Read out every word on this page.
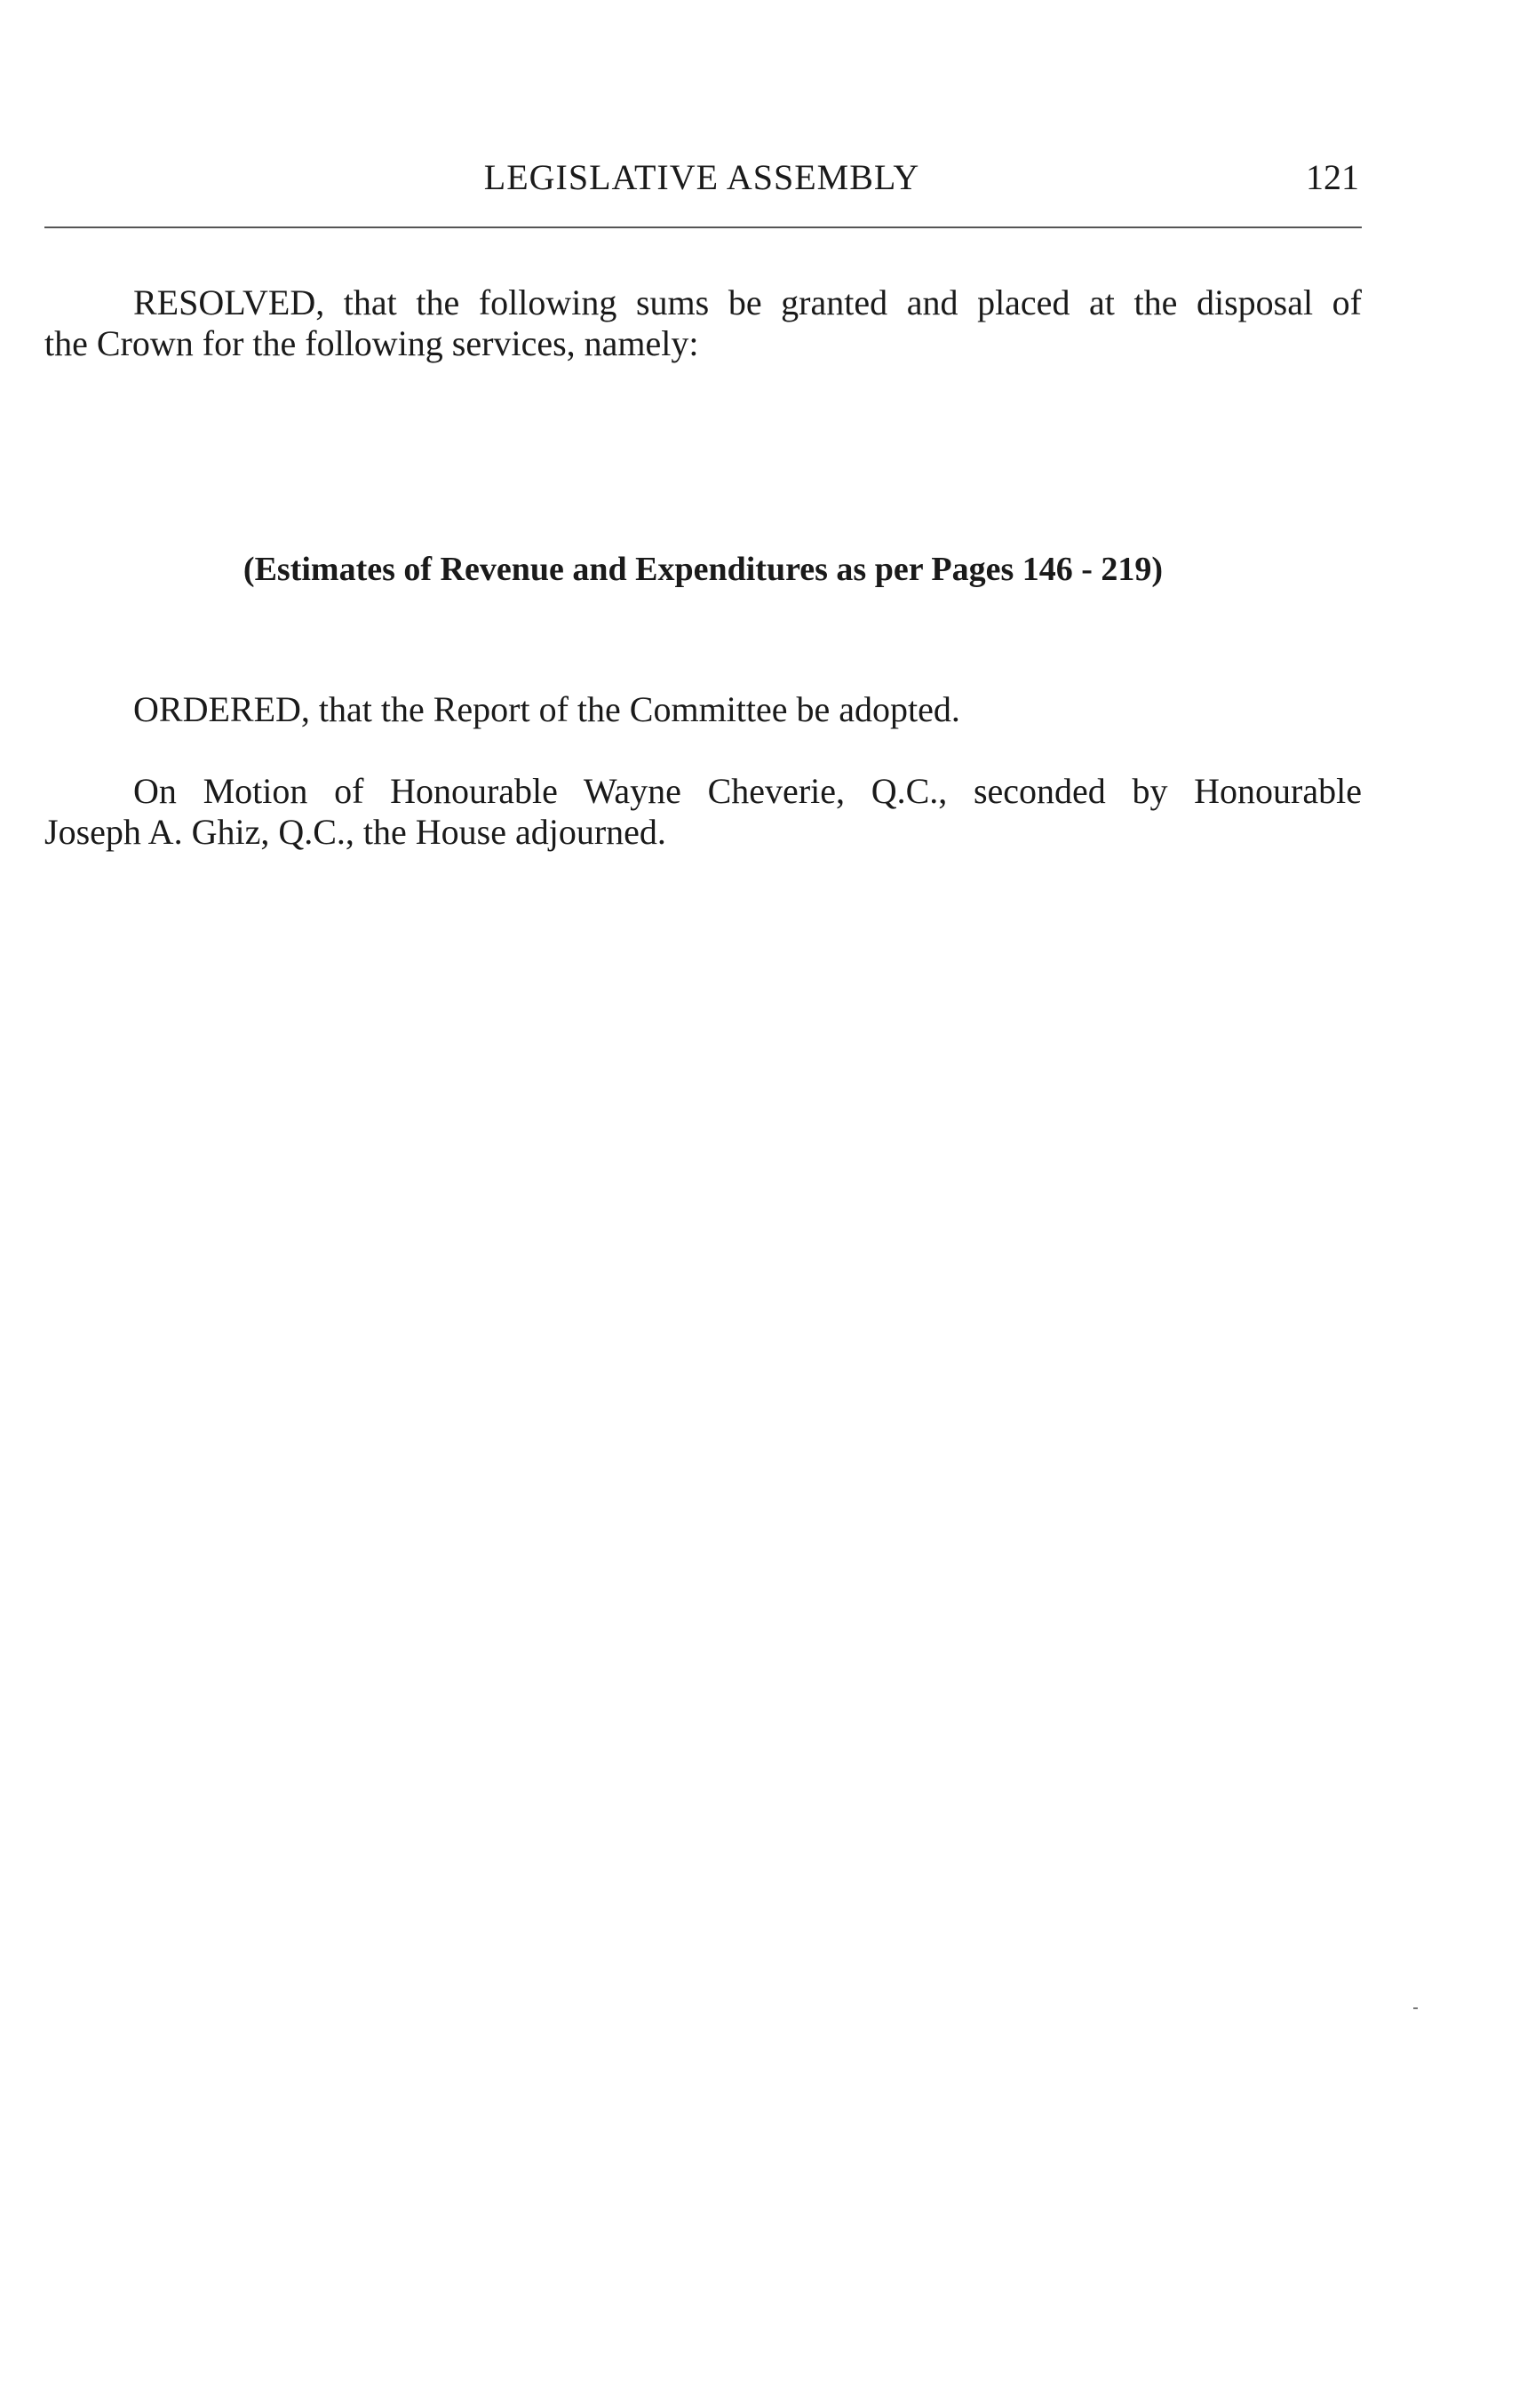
LEGISLATIVE ASSEMBLY	121
RESOLVED, that the following sums be granted and placed at the disposal of
the Crown for the following services, namely:
(Estimates of Revenue and Expenditures as per Pages 146 - 219)
ORDERED, that the Report of the Committee be adopted.
On Motion of Honourable Wayne Cheverie, Q.C., seconded by Honourable
Joseph A. Ghiz, Q.C., the House adjourned.
